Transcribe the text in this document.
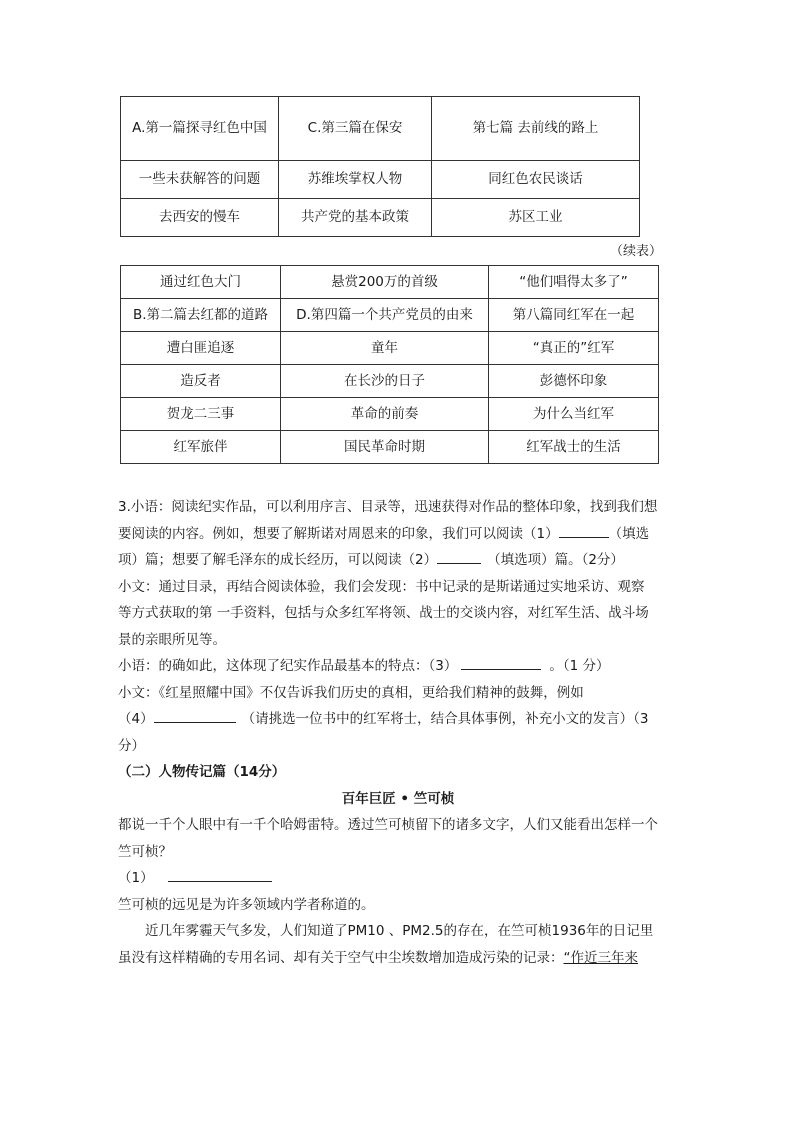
A.第一篇探寻红色中国	C.第三篇在保安	第七篇 去前线的路上
一些未获解答的问题	苏维埃掌权人物	同红色农民谈话
去西安的慢车	共产党的基本政策	苏区工业
（续表）
通过红色大门	悬赏200万的首级	“他们唱得太多了”
B.第二篇去红都的道路	D.第四篇一个共产党员的由来	第八篇同红军在一起
遭白匪追逐	童年	“真正的”红军
造反者	在长沙的日子	彭德怀印象
贺龙二三事	革命的前奏	为什么当红军
红军旅伴	国民革命时期	红军战士的生活
3.小语：阅读纪实作品，可以利用序言、目录等，迅速获得对作品的整体印象，找到我们想
要阅读的内容。例如，想要了解斯诺对周恩来的印象，我们可以阅读（1）	（填选
项）篇；想要了解毛泽东的成长经历，可以阅读（2）	（填选项）篇。（2分）
小文：通过目录，再结合阅读体验，我们会发现：书中记录的是斯诺通过实地采访、观察
等方式获取的第 一手资料，包括与众多红军将领、战士的交谈内容，对红军生活、战斗场
景的亲眼所见等。
小语：的确如此，这体现了纪实作品最基本的特点：（3）	。（1 分）
小文：《红星照耀中国》不仅告诉我们历史的真相，更给我们精神的鼓舞，例如
（4）	（请挑选一位书中的红军将士，结合具体事例，补充小文的发言）（3
分）
（二）人物传记篇（14分）
百年巨匠 • 竺可桢
都说一千个人眼中有一千个哈姆雷特。透过竺可桢留下的诸多文字，人们又能看出怎样一个
竺可桢？
（1）
竺可桢的远见是为许多领域内学者称道的。
近几年雾霾天气多发，人们知道了PM10 、PM2.5的存在，在竺可桢1936年的日记里
虽没有这样精确的专用名词、却有关于空气中尘埃数增加造成污染的记录：“作近三年来
